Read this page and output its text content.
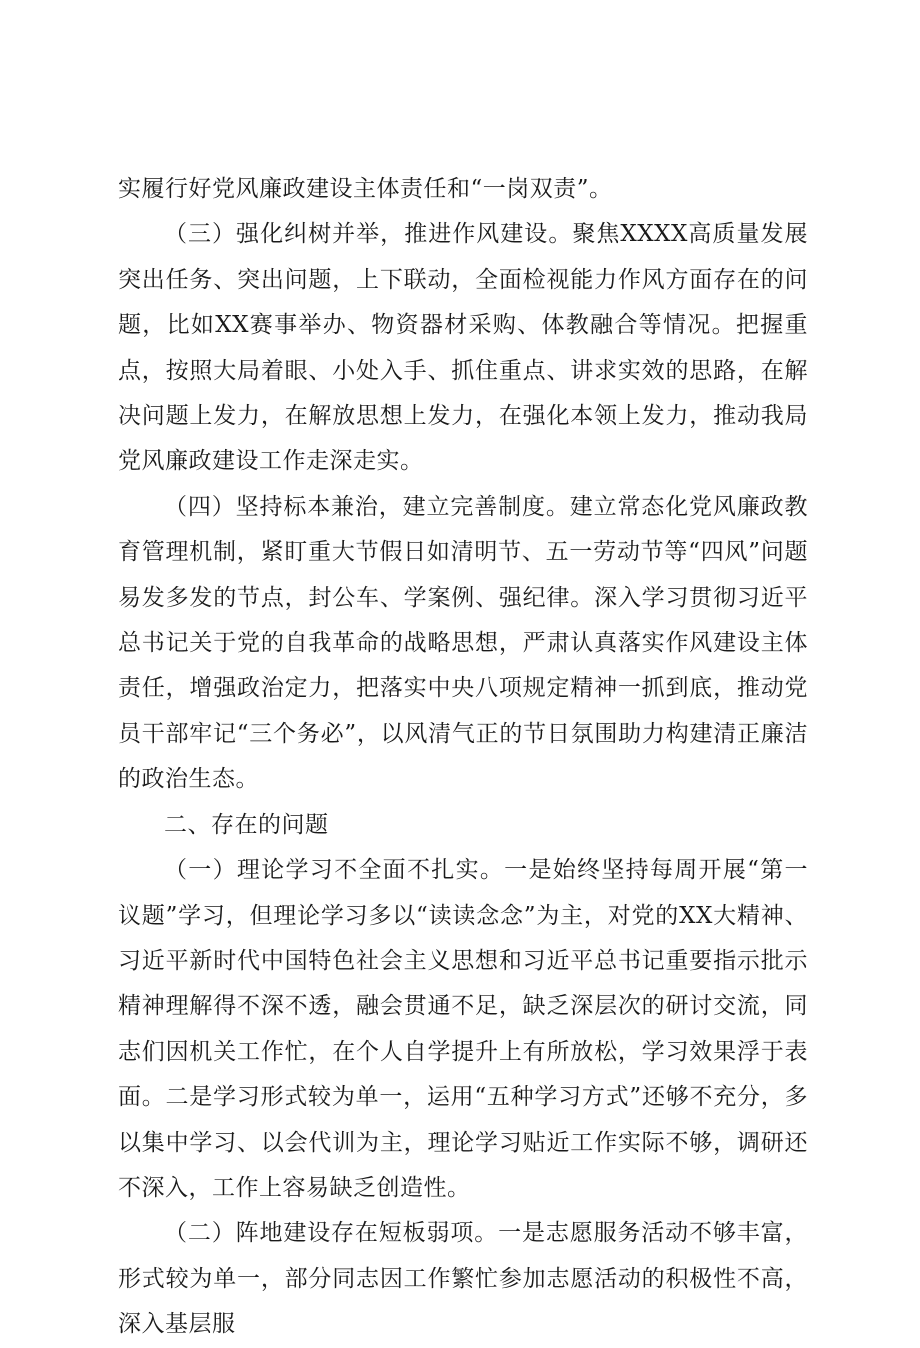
实履行好党风廉政建设主体责任和“一岗双责”。

（三）强化纠树并举，推进作风建设。聚焦XXXX高质量发展突出任务、突出问题，上下联动，全面检视能力作风方面存在的问题，比如XX赛事举办、物资器材采购、体教融合等情况。把握重点，按照大局着眼、小处入手、抓住重点、讲求实效的思路，在解决问题上发力，在解放思想上发力，在强化本领上发力，推动我局党风廉政建设工作走深走实。

（四）坚持标本兼治，建立完善制度。建立常态化党风廉政教育管理机制，紧盯重大节假日如清明节、五一劳动节等“四风”问题易发多发的节点，封公车、学案例、强纪律。深入学习贯彻习近平总书记关于党的自我革命的战略思想，严肃认真落实作风建设主体责任，增强政治定力，把落实中央八项规定精神一抓到底，推动党员干部牢记“三个务必”，以风清气正的节日氛围助力构建清正廉洁的政治生态。

二、存在的问题

（一）理论学习不全面不扎实。一是始终坚持每周开展“第一议题”学习，但理论学习多以“读读念念”为主，对党的XX大精神、习近平新时代中国特色社会主义思想和习近平总书记重要指示批示精神理解得不深不透，融会贯通不足，缺乏深层次的研讨交流，同志们因机关工作忙，在个人自学提升上有所放松，学习效果浮于表面。二是学习形式较为单一，运用“五种学习方式”还够不充分，多以集中学习、以会代训为主，理论学习贴近工作实际不够，调研还不深入，工作上容易缺乏创造性。

（二）阵地建设存在短板弱项。一是志愿服务活动不够丰富，形式较为单一，部分同志因工作繁忙参加志愿活动的积极性不高，深入基层服
